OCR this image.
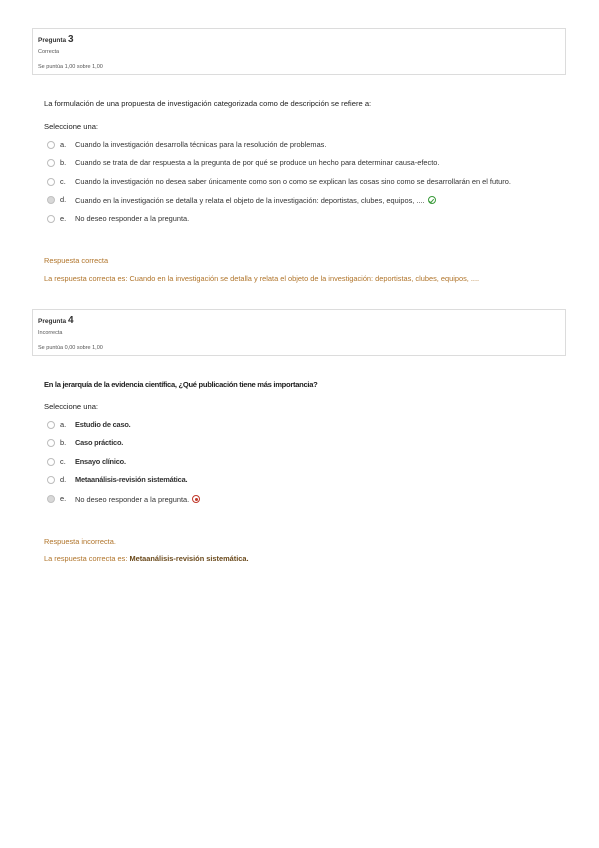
Pregunta 3
Correcta
Se puntúa 1,00 sobre 1,00
La formulación de una propuesta de investigación categorizada como de descripción se refiere a:
Seleccione una:
a. Cuando la investigación desarrolla técnicas para la resolución de problemas.
b. Cuando se trata de dar respuesta a la pregunta de por qué se produce un hecho para determinar causa-efecto.
c. Cuando la investigación no desea saber únicamente como son o como se explican las cosas sino como se desarrollarán en el futuro.
d. Cuando en la investigación se detalla y relata el objeto de la investigación: deportistas, clubes, equipos, ....
e. No deseo responder a la pregunta.
Respuesta correcta
La respuesta correcta es: Cuando en la investigación se detalla y relata el objeto de la investigación: deportistas, clubes, equipos, ....
Pregunta 4
Incorrecta
Se puntúa 0,00 sobre 1,00
En la jerarquía de la evidencia científica, ¿Qué publicación tiene más importancia?
Seleccione una:
a. Estudio de caso.
b. Caso práctico.
c. Ensayo clínico.
d. Metaanálisis-revisión sistemática.
e. No deseo responder a la pregunta.
Respuesta incorrecta.
La respuesta correcta es: Metaanálisis-revisión sistemática.
